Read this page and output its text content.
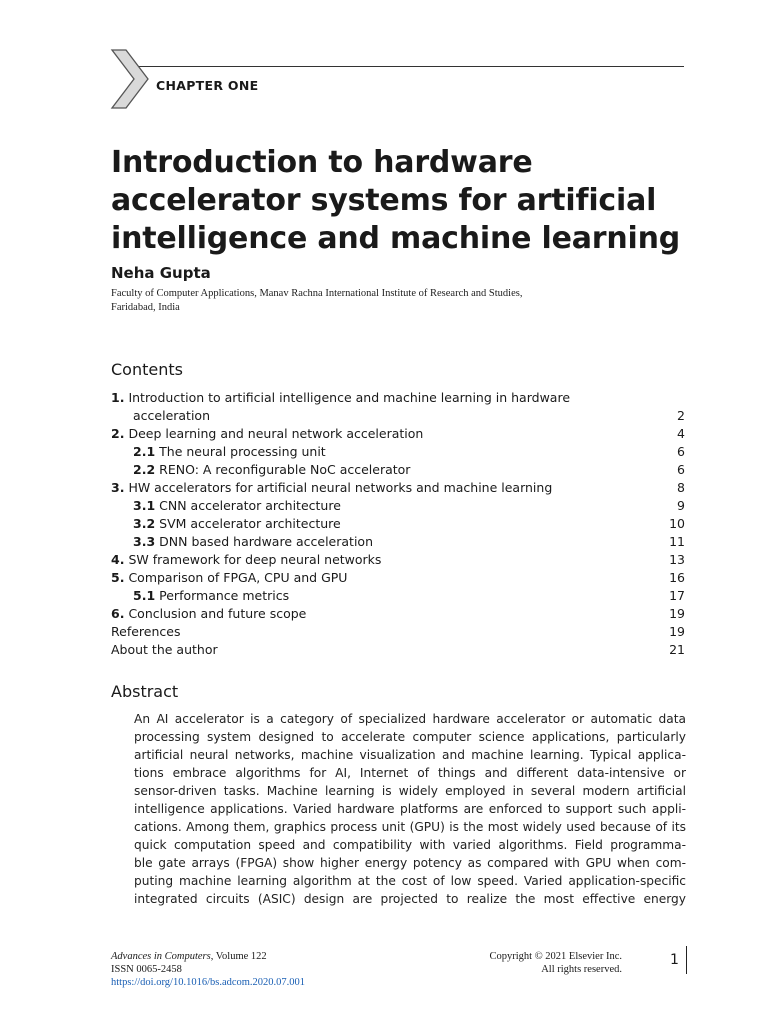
CHAPTER ONE
Introduction to hardware
accelerator systems for artificial
intelligence and machine learning
Neha Gupta
Faculty of Computer Applications, Manav Rachna International Institute of Research and Studies,
Faridabad, India
Contents
1. Introduction to artificial intelligence and machine learning in hardware
acceleration	2
2. Deep learning and neural network acceleration	4
2.1 The neural processing unit	6
2.2 RENO: A reconfigurable NoC accelerator	6
3. HW accelerators for artificial neural networks and machine learning	8
3.1 CNN accelerator architecture	9
3.2 SVM accelerator architecture	10
3.3 DNN based hardware acceleration	11
4. SW framework for deep neural networks	13
5. Comparison of FPGA, CPU and GPU	16
5.1 Performance metrics	17
6. Conclusion and future scope	19
References	19
About the author	21
Abstract
An AI accelerator is a category of specialized hardware accelerator or automatic data
processing system designed to accelerate computer science applications, particularly
artificial neural networks, machine visualization and machine learning. Typical applica-
tions embrace algorithms for AI, Internet of things and different data-intensive or
sensor-driven tasks. Machine learning is widely employed in several modern artificial
intelligence applications. Varied hardware platforms are enforced to support such appli-
cations. Among them, graphics process unit (GPU) is the most widely used because of its
quick computation speed and compatibility with varied algorithms. Field programma-
ble gate arrays (FPGA) show higher energy potency as compared with GPU when com-
puting machine learning algorithm at the cost of low speed. Varied application-specific
integrated circuits (ASIC) design are projected to realize the most effective energy
Advances in Computers, Volume 122
ISSN 0065-2458
https://doi.org/10.1016/bs.adcom.2020.07.001
Copyright © 2021 Elsevier Inc.
All rights reserved.
1
